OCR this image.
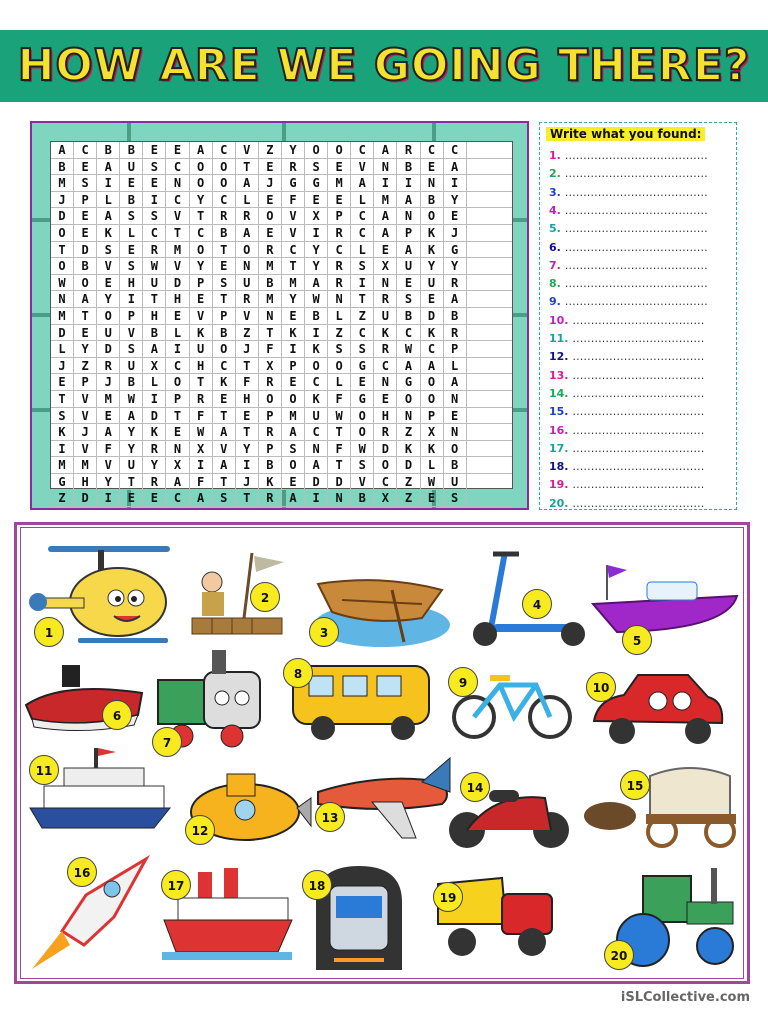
HOW ARE WE GOING THERE?
A	C	B	B	E	E	A	C	V	Z	Y	O	O	C	A	R	C	C
B	E	A	U	S	C	O	O	T	E	R	S	E	V	N	B	E	A
M	S	I	E	E	N	O	O	A	J	G	G	M	A	I	I	N	I
J	P	L	B	I	C	Y	C	L	E	F	E	E	L	M	A	B	Y
D	E	A	S	S	V	T	R	R	O	V	X	P	C	A	N	O	E
O	E	K	L	C	T	C	B	A	E	V	I	R	C	A	P	K	J
T	D	S	E	R	M	O	T	O	R	C	Y	C	L	E	A	K	G
O	B	V	S	W	V	Y	E	N	M	T	Y	R	S	X	U	Y	Y
W	O	E	H	U	D	P	S	U	B	M	A	R	I	N	E	U	R
N	A	Y	I	T	H	E	T	R	M	Y	W	N	T	R	S	E	A
M	T	O	P	H	E	V	P	V	N	E	B	L	Z	U	B	D	B
D	E	U	V	B	L	K	B	Z	T	K	I	Z	C	K	C	K	R
L	Y	D	S	A	I	U	O	J	F	I	K	S	S	R	W	C	P
J	Z	R	U	X	C	H	C	T	X	P	O	O	G	C	A	A	L
E	P	J	B	L	O	T	K	F	R	E	C	L	E	N	G	O	A
T	V	M	W	I	P	R	E	H	O	O	K	F	G	E	O	O	N
S	V	E	A	D	T	F	T	E	P	M	U	W	O	H	N	P	E
K	J	A	Y	K	E	W	A	T	R	A	C	T	O	R	Z	X	N
I	V	F	Y	R	N	X	V	Y	P	S	N	F	W	D	K	K	O
M	M	V	U	Y	X	I	A	I	B	O	A	T	S	O	D	L	B
G	H	Y	T	R	A	F	T	J	K	E	D	D	V	C	Z	W	U
Z	D	I	E	E	C	A	S	T	R	A	I	N	B	X	Z	E	S
Write what you found:
1. …………………………………
2. …………………………………
3. …………………………………
4. …………………………………
5. …………………………………
6. …………………………………
7. …………………………………
8. …………………………………
9. …………………………………
10. ………………………………
11. ………………………………
12. ………………………………
13. ………………………………
14. ………………………………
15. ………………………………
16. ………………………………
17. ………………………………
18. ………………………………
19. ………………………………
20. ………………………………
1
2
3
4
5
6
7
8
9	10
11
12
13
14	15
16
17	18
19
20
iSLCollective.com
